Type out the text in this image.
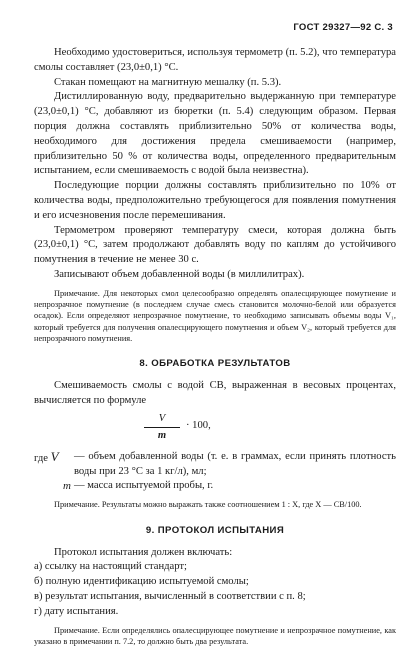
ГОСТ 29327—92 С. 3

Необходимо удостовериться, используя термометр (п. 5.2), что температура смолы составляет (23,0±0,1) °С.

Стакан помещают на магнитную мешалку (п. 5.3).

Дистиллированную воду, предварительно выдержанную при температуре (23,0±0,1) °С, добавляют из бюретки (п. 5.4) следующим образом. Первая порция должна составлять приблизительно 50% от количества воды, необходимого для достижения предела смешиваемости (например, приблизительно 50 % от количества воды, определенного предварительным испытанием, если смешиваемость с водой была неизвестна).

Последующие порции должны составлять приблизительно по 10% от количества воды, предположительно требующегося для появления помутнения и его исчезновения после перемешивания.

Термометром проверяют температуру смеси, которая должна быть (23,0±0,1) °С, затем продолжают добавлять воду по каплям до устойчивого помутнения в течение не менее 30 с.

Записывают объем добавленной воды (в миллилитрах).

Примечание. Для некоторых смол целесообразно определять опалесцирующее помутнение и непрозрачное помутнение (в последнем случае смесь становится молочно-белой или образуется осадок). Если определяют непрозрачное помутнение, то необходимо записывать объемы воды V₁, который требуется для получения опалесцирующего помутнения и объем V₂, который требуется для непрозрачного помутнения.

8. ОБРАБОТКА РЕЗУЛЬТАТОВ

Смешиваемость смолы с водой СВ, выраженная в весовых процентах, вычисляется по формуле

V
m
· 100,
где V	— объем добавленной воды (т. е. в граммах, если принять плотность воды при 23 °С за 1 кг/л), мл;
m — масса испытуемой пробы, г.

Примечание. Результаты можно выражать также соотношением 1 : X, где X — СВ/100.

9. ПРОТОКОЛ ИСПЫТАНИЯ

Протокол испытания должен включать:

а) ссылку на настоящий стандарт;

б) полную идентификацию испытуемой смолы;

в) результат испытания, вычисленный в соответствии с п. 8;

г) дату испытания.

Примечание. Если определялись опалесцирующее помутнение и непрозрачное помутнение, как указано в примечании п. 7.2, то должно быть два результата.
